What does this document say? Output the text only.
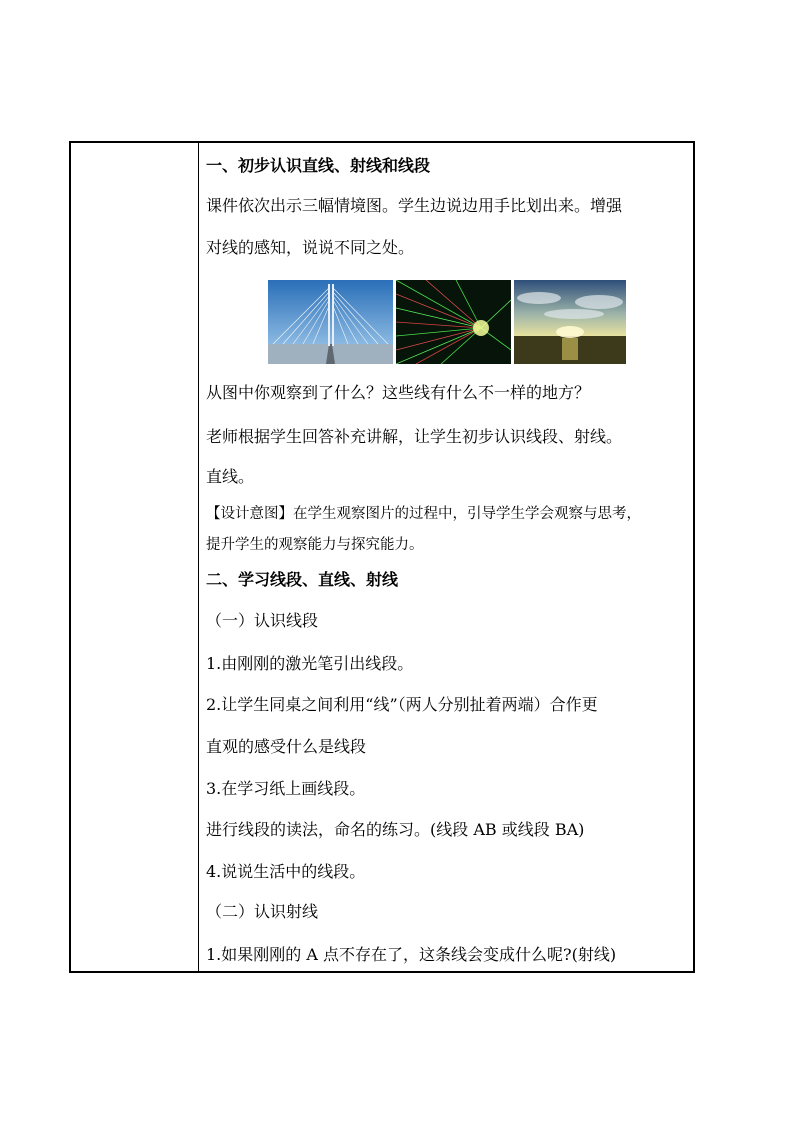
一、初步认识直线、射线和线段
课件依次出示三幅情境图。学生边说边用手比划出来。增强
对线的感知，说说不同之处。
从图中你观察到了什么？这些线有什么不一样的地方？
老师根据学生回答补充讲解，让学生初步认识线段、射线。
直线。
【设计意图】在学生观察图片的过程中，引导学生学会观察与思考，
提升学生的观察能力与探究能力。
二、学习线段、直线、射线
（一）认识线段
1.由刚刚的激光笔引出线段。
2.让学生同桌之间利用“线”（两人分别扯着两端）合作更
直观的感受什么是线段
3.在学习纸上画线段。
进行线段的读法，命名的练习。(线段 AB 或线段 BA)
4.说说生活中的线段。
（二）认识射线
1.如果刚刚的 A 点不存在了，这条线会变成什么呢?(射线)
